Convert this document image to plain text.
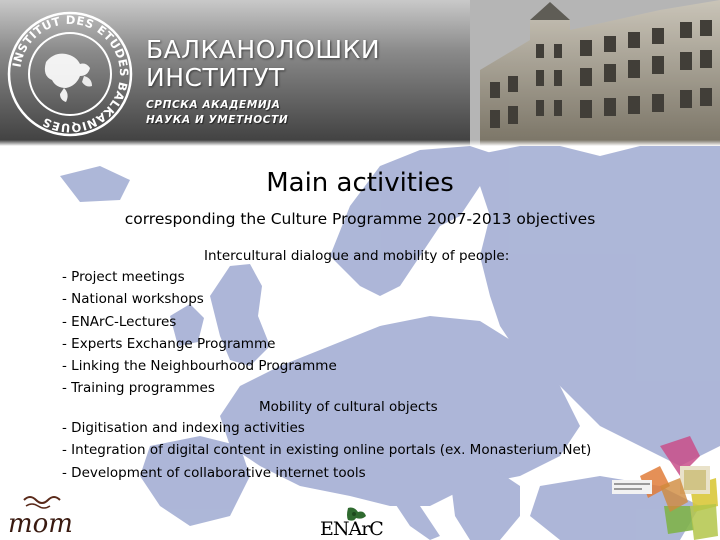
INSTITUT DES ETUDES BALKANIQUES
БАЛКАНОЛОШКИ
ИНСТИТУТ
СРПСКА АКАДЕМИЈА
НАУКА И УМЕТНОСТИ
Main activities
corresponding the Culture Programme 2007-2013 objectives
Intercultural dialogue and mobility of people:
- Project meetings
- National workshops
- ENArC-Lectures
- Experts Exchange Programme
- Linking the Neighbourhood Programme
- Training programmes
Mobility of cultural objects
- Digitisation and indexing activities
- Integration of digital content in existing online portals (ex. Monasterium.Net)
- Development of collaborative internet tools
mom	ENArC
